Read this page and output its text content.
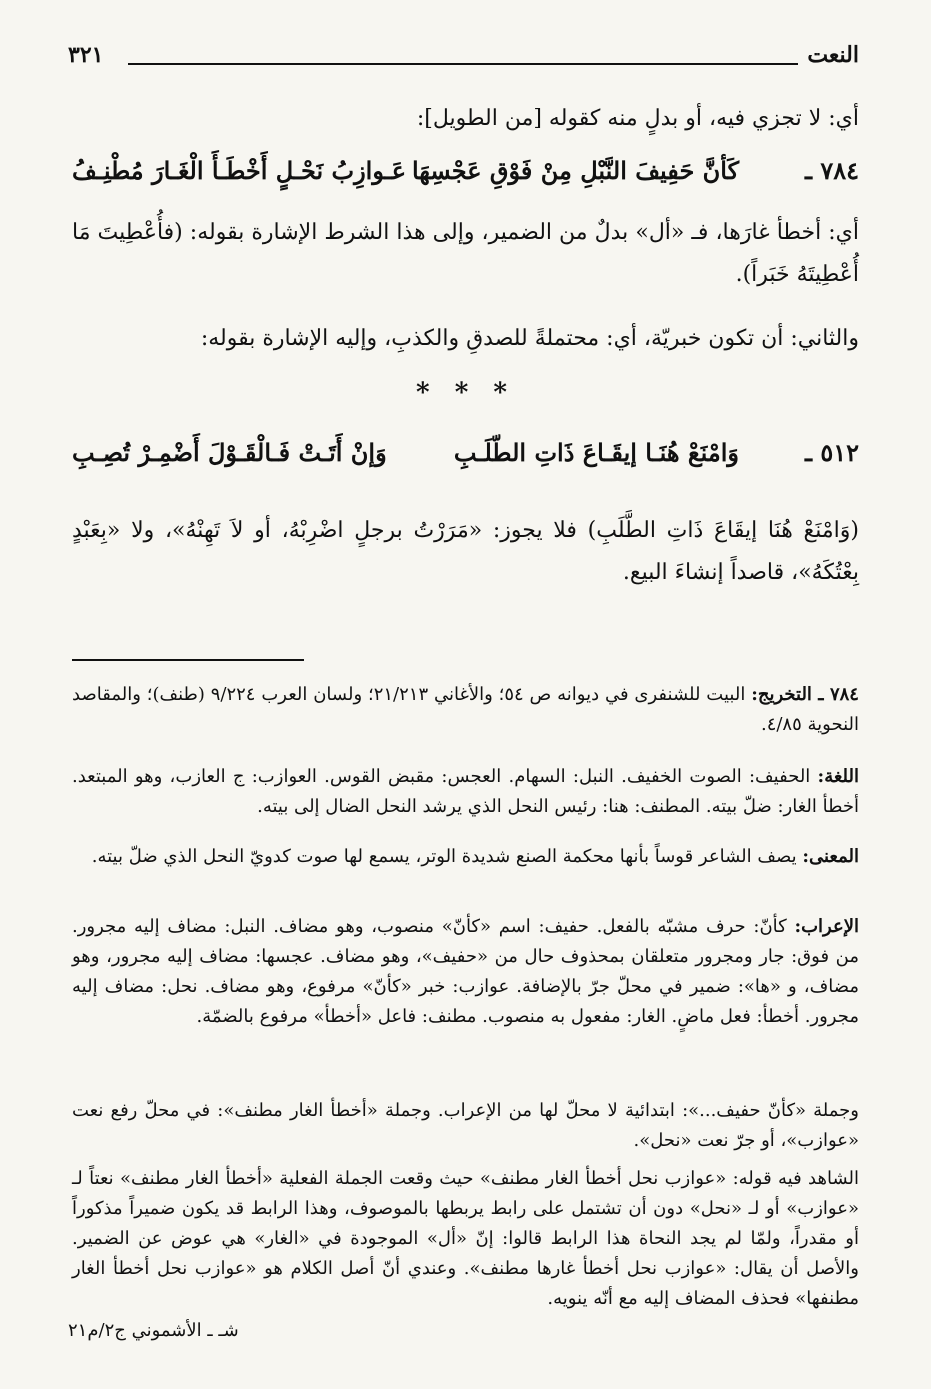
النعت
٣٢١
أي: لا تجزي فيه، أو بدلٍ منه كقوله [من الطويل]:
٧٨٤ ـ
كَأنَّ حَفِيفَ النَّبْلِ مِنْ فَوْقِ عَجْسِهَا
عَـوازِبُ نَحْـلٍ أَخْطَـأَ الْغَـارَ مُطْنِـفُ
أي: أخطأ غارَها، فـ «أل» بدلٌ من الضمير، وإلى هذا الشرط الإشارة بقوله: (فأُعْطِيتَ مَا أُعْطِيتَهُ خَبَراً).
والثاني: أن تكون خبريّة، أي: محتملةً للصدقِ والكذبِ، وإليه الإشارة بقوله:
* * *
٥١٢ ـ
وَامْنَعْ هُنَـا إيقَـاعَ ذَاتِ الطّلَـبِ
وَإنْ أَتَـتْ فَـالْقَـوْلَ أَضْمِـرْ تُصِـبِ
(وَامْنَعْ هُنَا إيقَاعَ ذَاتِ الطَّلَبِ) فلا يجوز: «مَرَرْتُ برجلٍ اضْرِبْهُ، أو لاَ تَهِنْهُ»، ولا «بِعَبْدٍ بِعْتُكَهُ»، قاصداً إنشاءَ البيع.
٧٨٤ ـ التخريج: البيت للشنفرى في ديوانه ص ٥٤؛ والأغاني ٢١/٢١٣؛ ولسان العرب ٩/٢٢٤ (طنف)؛ والمقاصد النحوية ٤/٨٥.
اللغة: الحفيف: الصوت الخفيف. النبل: السهام. العجس: مقبض القوس. العوازب: ج العازب، وهو المبتعد. أخطأ الغار: ضلّ بيته. المطنف: هنا: رئيس النحل الذي يرشد النحل الضال إلى بيته.
المعنى: يصف الشاعر قوساً بأنها محكمة الصنع شديدة الوتر، يسمع لها صوت كدويّ النحل الذي ضلّ بيته.
الإعراب: كأنّ: حرف مشبّه بالفعل. حفيف: اسم «كأنّ» منصوب، وهو مضاف. النبل: مضاف إليه مجرور. من فوق: جار ومجرور متعلقان بمحذوف حال من «حفيف»، وهو مضاف. عجسها: مضاف إليه مجرور، وهو مضاف، و «ها»: ضمير في محلّ جرّ بالإضافة. عوازب: خبر «كأنّ» مرفوع، وهو مضاف. نحل: مضاف إليه مجرور. أخطأ: فعل ماضٍ. الغار: مفعول به منصوب. مطنف: فاعل «أخطأ» مرفوع بالضمّة.
وجملة «كأنّ حفيف...»: ابتدائية لا محلّ لها من الإعراب. وجملة «أخطأ الغار مطنف»: في محلّ رفع نعت «عوازب»، أو جرّ نعت «نحل».
الشاهد فيه قوله: «عوازب نحل أخطأ الغار مطنف» حيث وقعت الجملة الفعلية «أخطأ الغار مطنف» نعتاً لـ «عوازب» أو لـ «نحل» دون أن تشتمل على رابط يربطها بالموصوف، وهذا الرابط قد يكون ضميراً مذكوراً أو مقدراً، ولمّا لم يجد النحاة هذا الرابط قالوا: إنّ «أل» الموجودة في «الغار» هي عوض عن الضمير. والأصل أن يقال: «عوازب نحل أخطأ غارها مطنف». وعندي أنّ أصل الكلام هو «عوازب نحل أخطأ الغار مطنفها» فحذف المضاف إليه مع أنّه ينويه.
شـ ـ الأشموني ج٢/م٢١
